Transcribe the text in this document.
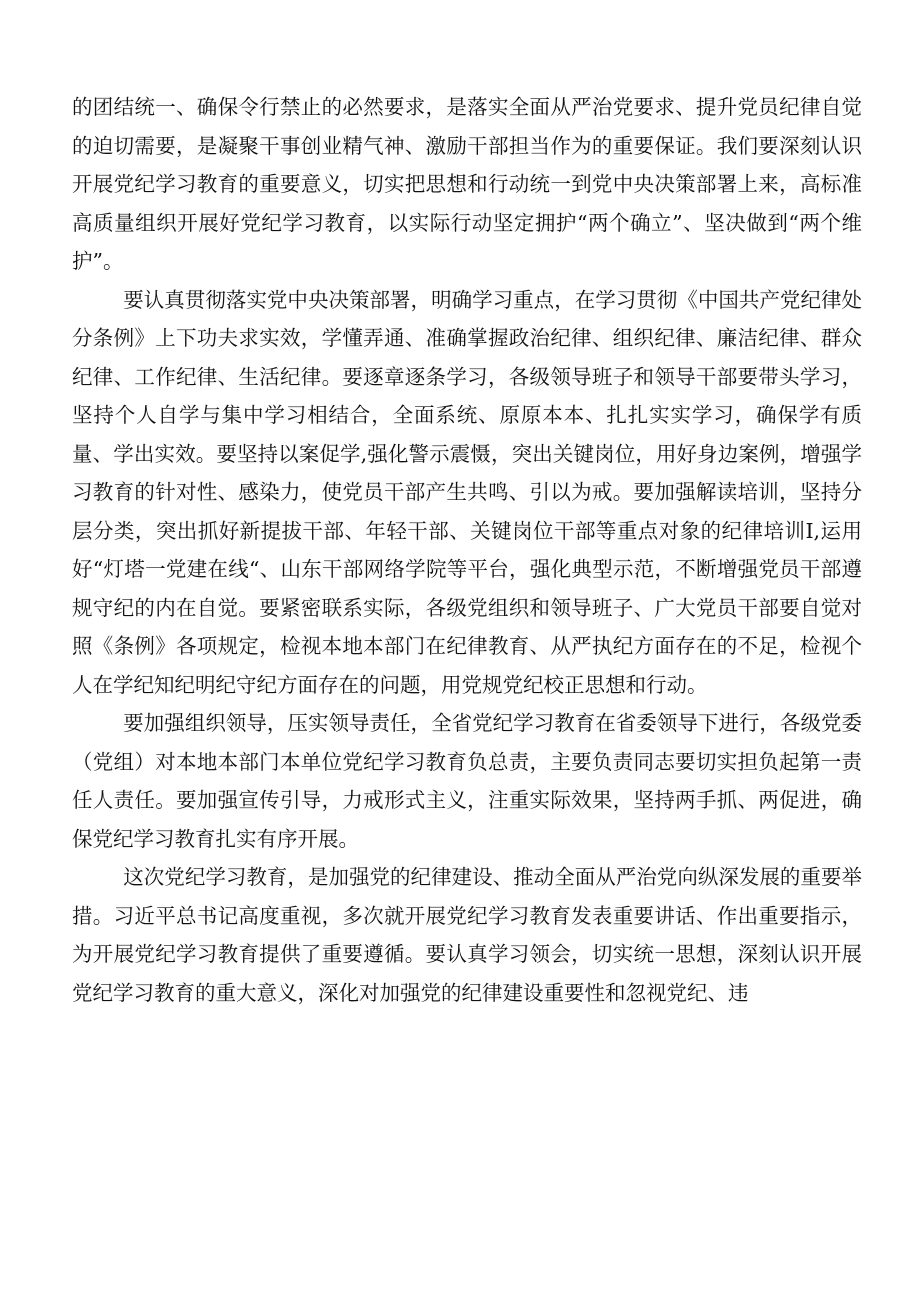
的团结统一、确保令行禁止的必然要求，是落实全面从严治党要求、提升党员纪律自觉的迫切需要，是凝聚干事创业精气神、激励干部担当作为的重要保证。我们要深刻认识开展党纪学习教育的重要意义，切实把思想和行动统一到党中央决策部署上来，高标准高质量组织开展好党纪学习教育，以实际行动坚定拥护“两个确立”、坚决做到“两个维护”。

要认真贯彻落实党中央决策部署，明确学习重点，在学习贯彻《中国共产党纪律处分条例》上下功夫求实效，学懂弄通、准确掌握政治纪律、组织纪律、廉洁纪律、群众纪律、工作纪律、生活纪律。要逐章逐条学习，各级领导班子和领导干部要带头学习，坚持个人自学与集中学习相结合，全面系统、原原本本、扎扎实实学习，确保学有质量、学出实效。要坚持以案促学,强化警示震慑，突出关键岗位，用好身边案例，增强学习教育的针对性、感染力，使党员干部产生共鸣、引以为戒。要加强解读培训，坚持分层分类，突出抓好新提拔干部、年轻干部、关键岗位干部等重点对象的纪律培训I,运用好“灯塔一党建在线“、山东干部网络学院等平台，强化典型示范，不断增强党员干部遵规守纪的内在自觉。要紧密联系实际，各级党组织和领导班子、广大党员干部要自觉对照《条例》各项规定，检视本地本部门在纪律教育、从严执纪方面存在的不足，检视个人在学纪知纪明纪守纪方面存在的问题，用党规党纪校正思想和行动。

要加强组织领导，压实领导责任，全省党纪学习教育在省委领导下进行，各级党委（党组）对本地本部门本单位党纪学习教育负总责，主要负责同志要切实担负起第一责任人责任。要加强宣传引导，力戒形式主义，注重实际效果，坚持两手抓、两促进，确保党纪学习教育扎实有序开展。

这次党纪学习教育，是加强党的纪律建设、推动全面从严治党向纵深发展的重要举措。习近平总书记高度重视，多次就开展党纪学习教育发表重要讲话、作出重要指示，为开展党纪学习教育提供了重要遵循。要认真学习领会，切实统一思想，深刻认识开展党纪学习教育的重大意义，深化对加强党的纪律建设重要性和忽视党纪、违
